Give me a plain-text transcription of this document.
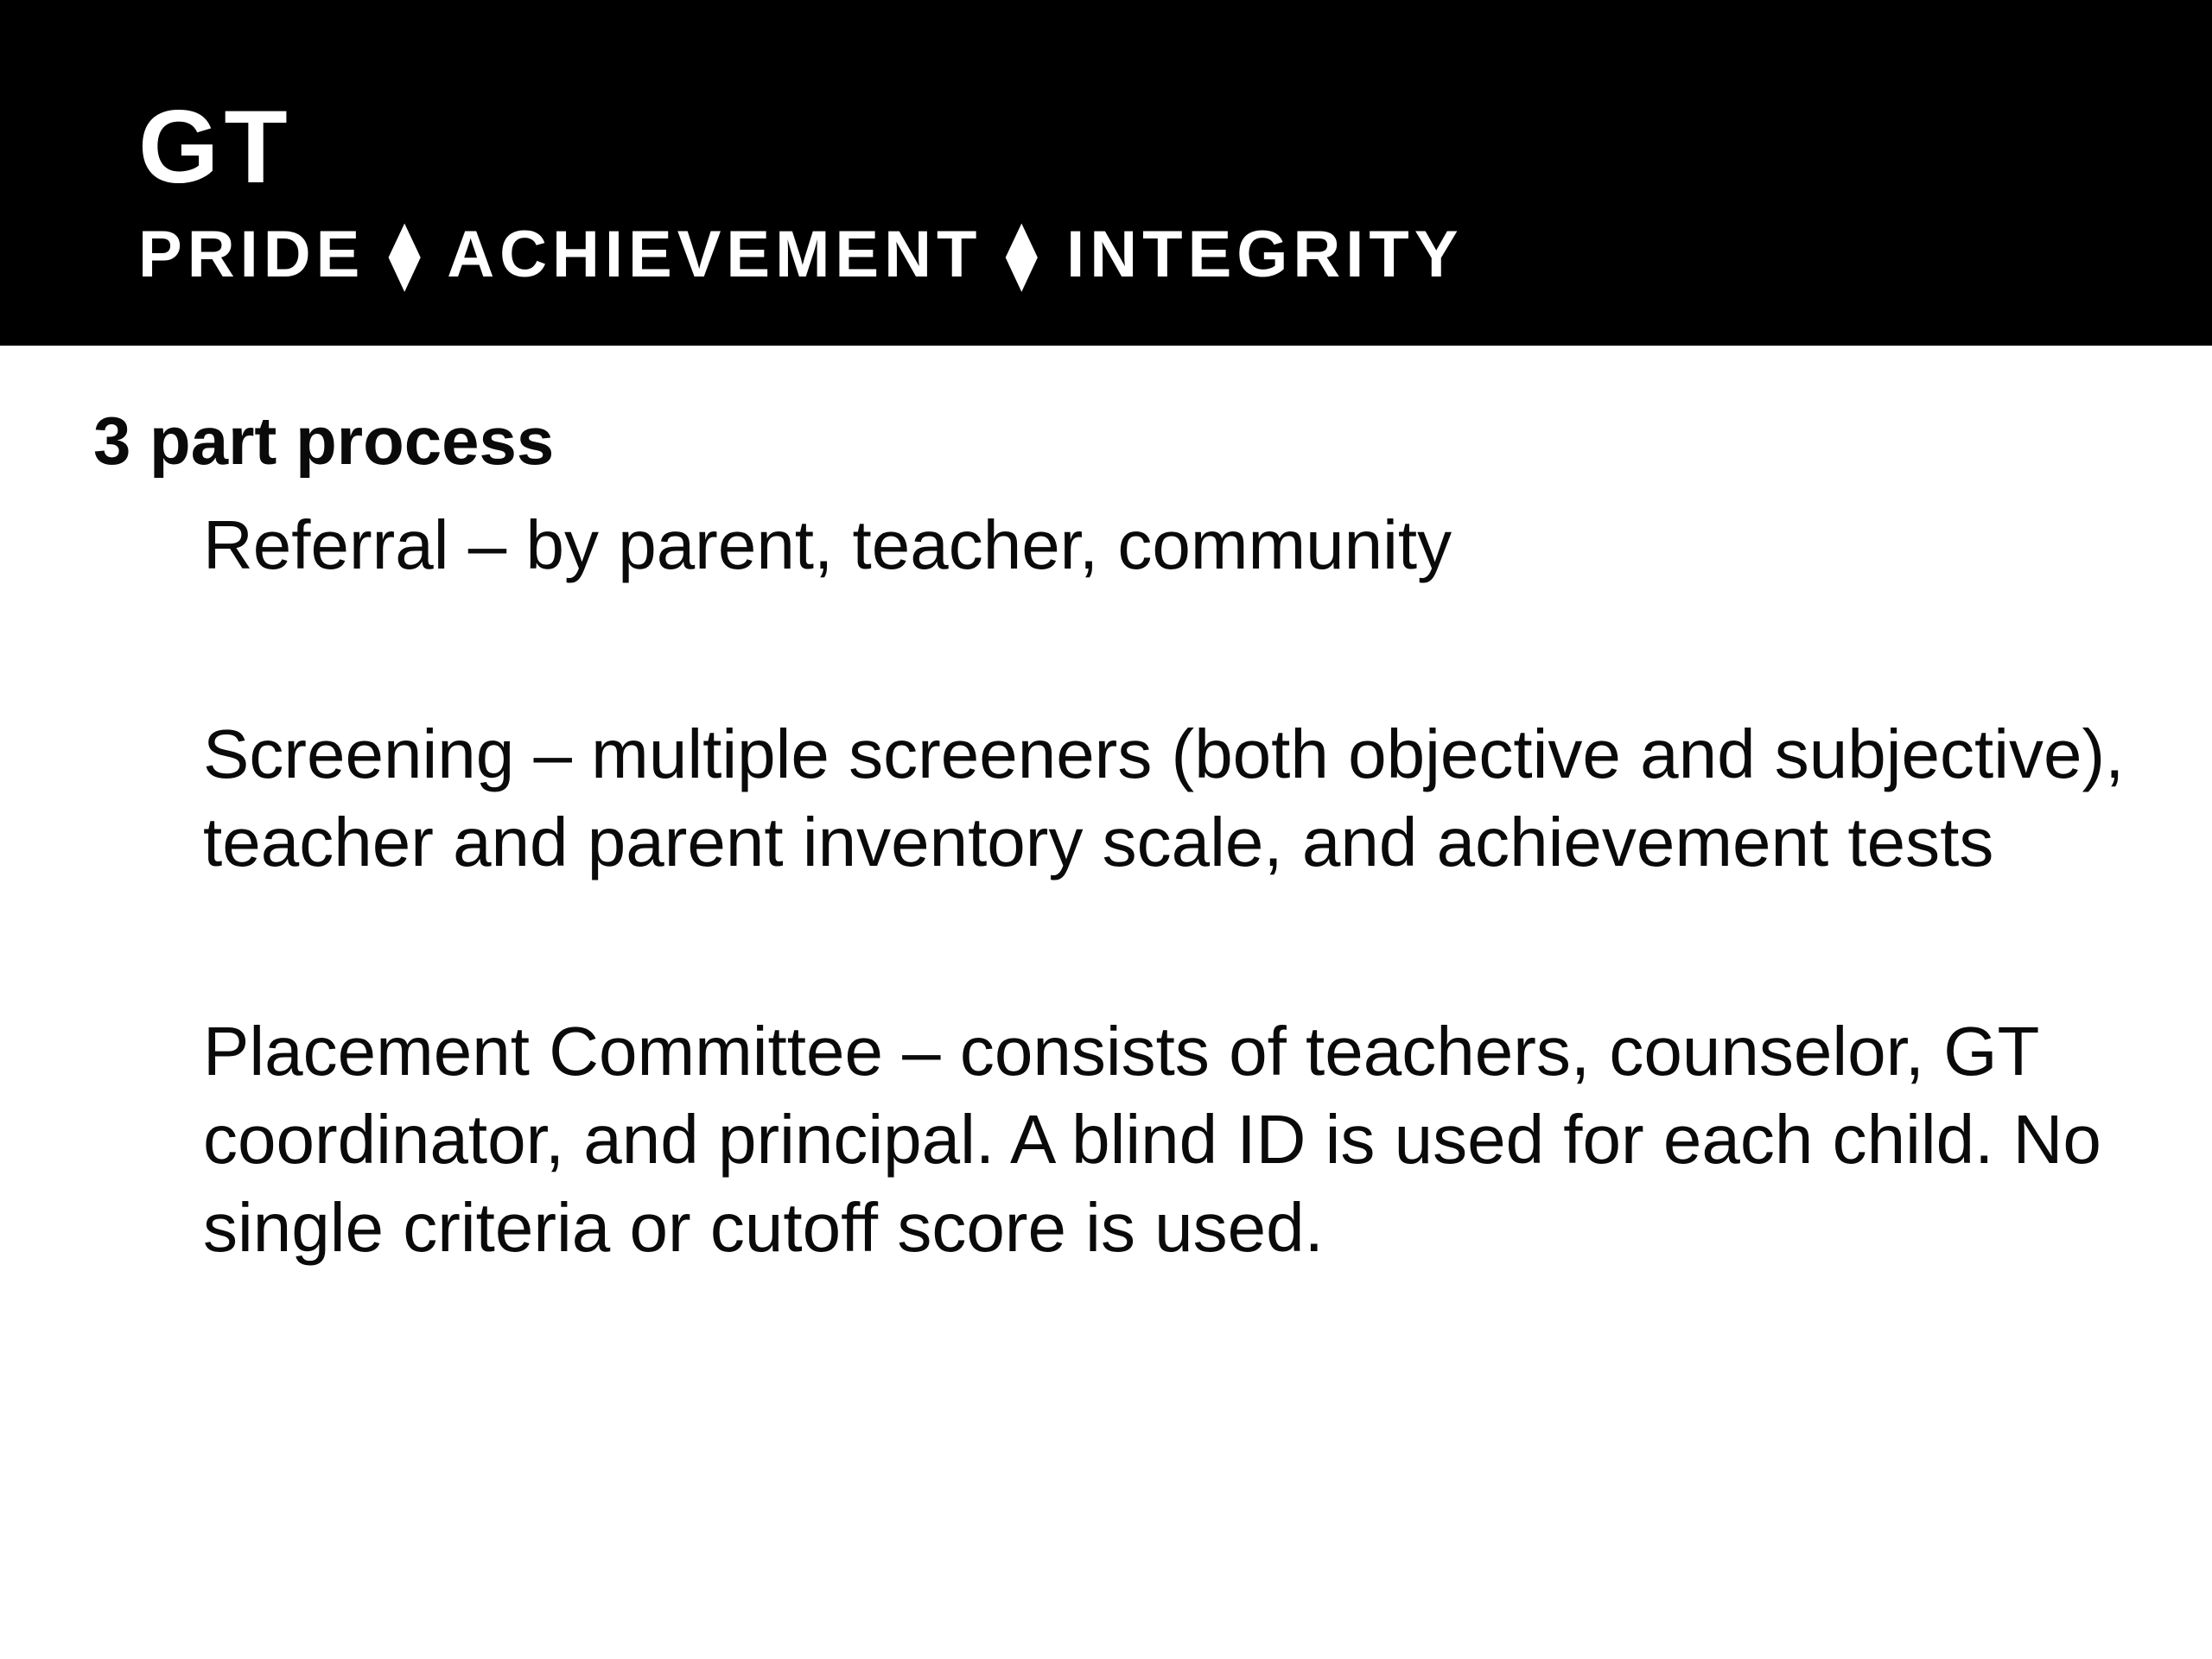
GT
PRIDE ⧫ ACHIEVEMENT ⧫ INTEGRITY
3 part process
Referral – by parent, teacher, community
Screening – multiple screeners (both objective and subjective), teacher and parent inventory scale, and achievement tests
Placement Committee – consists of teachers, counselor, GT coordinator, and principal. A blind ID is used for each child. No single criteria or cutoff score is used.
